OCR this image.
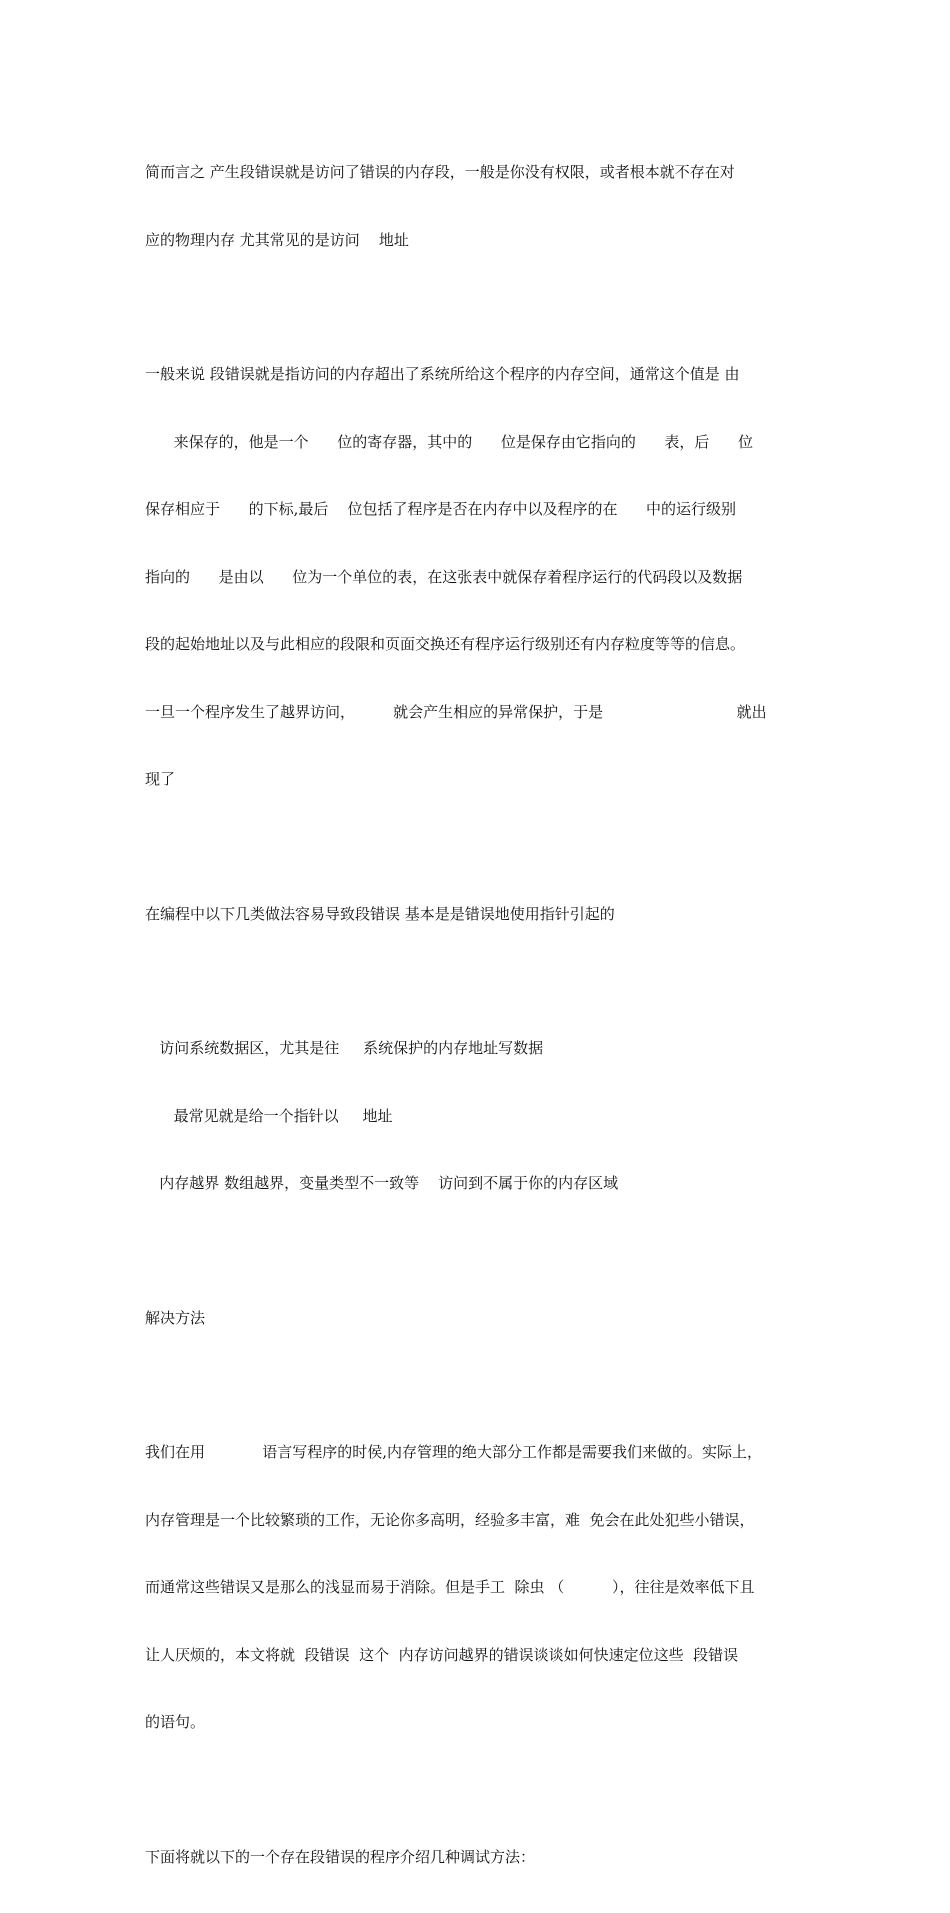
简而言之 产生段错误就是访问了错误的内存段，一般是你没有权限，或者根本就不存在对

应的物理内存 尤其常见的是访问    地址

一般来说 段错误就是指访问的内存超出了系统所给这个程序的内存空间，通常这个值是 由

来保存的，他是一个      位的寄存器，其中的      位是保存由它指向的      表，后      位

保存相应于      的下标,最后    位包括了程序是否在内存中以及程序的在      中的运行级别

指向的      是由以      位为一个单位的表，在这张表中就保存着程序运行的代码段以及数据

段的起始地址以及与此相应的段限和页面交换还有程序运行级别还有内存粒度等等的信息。

一旦一个程序发生了越界访问，        就会产生相应的异常保护，于是                            就出

现了

在编程中以下几类做法容易导致段错误 基本是是错误地使用指针引起的

访问系统数据区，尤其是往     系统保护的内存地址写数据

最常见就是给一个指针以     地址

内存越界 数组越界，变量类型不一致等    访问到不属于你的内存区域

解决方法

我们在用            语言写程序的时侯,内存管理的绝大部分工作都是需要我们来做的。实际上，

内存管理是一个比较繁琐的工作，无论你多高明，经验多丰富，难  免会在此处犯些小错误，

而通常这些错误又是那么的浅显而易于消除。但是手工  除虫 （          ），往往是效率低下且

让人厌烦的，本文将就  段错误  这个  内存访问越界的错误谈谈如何快速定位这些  段错误

的语句。

下面将就以下的一个存在段错误的程序介绍几种调试方法：
